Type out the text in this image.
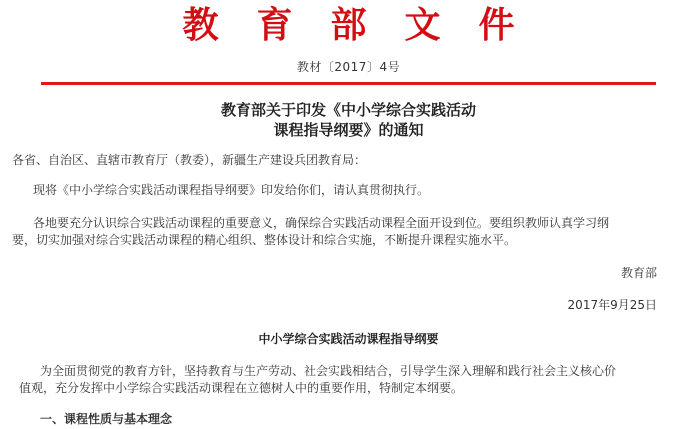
教育部文件
教材〔2017〕4号
教育部关于印发《中小学综合实践活动
课程指导纲要》的通知
各省、自治区、直辖市教育厅（教委），新疆生产建设兵团教育局：
现将《中小学综合实践活动课程指导纲要》印发给你们，请认真贯彻执行。
各地要充分认识综合实践活动课程的重要意义，确保综合实践活动课程全面开设到位。要组织教师认真学习纲
要，切实加强对综合实践活动课程的精心组织、整体设计和综合实施，不断提升课程实施水平。
教育部
2017年9月25日
中小学综合实践活动课程指导纲要
为全面贯彻党的教育方针，坚持教育与生产劳动、社会实践相结合，引导学生深入理解和践行社会主义核心价
值观，充分发挥中小学综合实践活动课程在立德树人中的重要作用，特制定本纲要。
一、课程性质与基本理念
